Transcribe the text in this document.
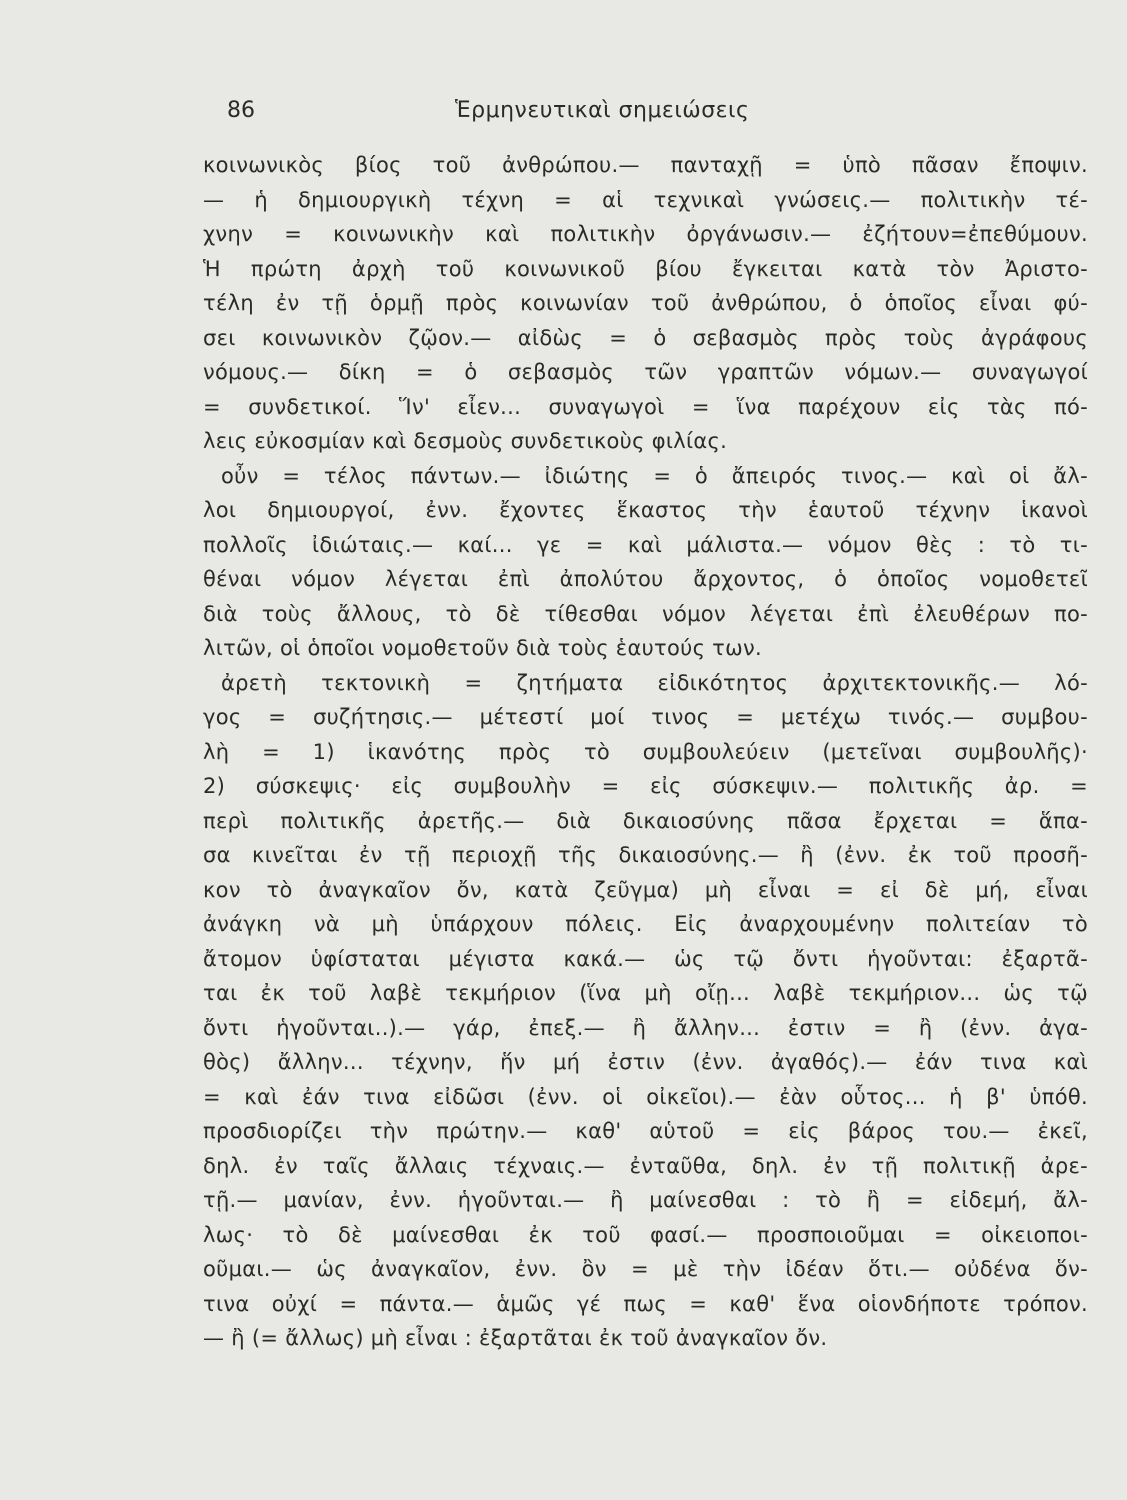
86	Ἑρμηνευτικαὶ σημειώσεις
κοινωνικὸς βίος τοῦ ἀνθρώπου.— πανταχῇ = ὑπὸ πᾶσαν ἔποψιν.
— ἡ δημιουργικὴ τέχνη = αἱ τεχνικαὶ γνώσεις.— πολιτικὴν τέ-
χνην = κοινωνικὴν καὶ πολιτικὴν ὀργάνωσιν.— ἐζήτουν=ἐπεθύμουν.
Ἡ πρώτη ἀρχὴ τοῦ κοινωνικοῦ βίου ἔγκειται κατὰ τὸν Ἀριστο-
τέλη ἐν τῇ ὁρμῇ πρὸς κοινωνίαν τοῦ ἀνθρώπου, ὁ ὁποῖος εἶναι φύ-
σει κοινωνικὸν ζῷον.— αἰδὼς = ὁ σεβασμὸς πρὸς τοὺς ἀγράφους
νόμους.— δίκη = ὁ σεβασμὸς τῶν γραπτῶν νόμων.— συναγωγοί
= συνδετικοί. Ἵν' εἶεν... συναγωγοὶ = ἵνα παρέχουν εἰς τὰς πό-
λεις εὐκοσμίαν καὶ δεσμοὺς συνδετικοὺς φιλίας.
οὖν = τέλος πάντων.— ἰδιώτης = ὁ ἄπειρός τινος.— καὶ οἱ ἄλ-
λοι δημιουργοί, ἐνν. ἔχοντες ἕκαστος τὴν ἑαυτοῦ τέχνην ἱκανοὶ
πολλοῖς ἰδιώταις.— καί... γε = καὶ μάλιστα.— νόμον θὲς : τὸ τι-
θέναι νόμον λέγεται ἐπὶ ἀπολύτου ἄρχοντος, ὁ ὁποῖος νομοθετεῖ
διὰ τοὺς ἄλλους, τὸ δὲ τίθεσθαι νόμον λέγεται ἐπὶ ἐλευθέρων πο-
λιτῶν, οἱ ὁποῖοι νομοθετοῦν διὰ τοὺς ἑαυτούς των.
ἀρετὴ τεκτονικὴ = ζητήματα εἰδικότητος ἀρχιτεκτονικῆς.— λό-
γος = συζήτησις.— μέτεστί μοί τινος = μετέχω τινός.— συμβου-
λὴ = 1) ἱκανότης πρὸς τὸ συμβουλεύειν (μετεῖναι συμβουλῆς)·
2) σύσκεψις· εἰς συμβουλὴν = εἰς σύσκεψιν.— πολιτικῆς ἀρ. =
περὶ πολιτικῆς ἀρετῆς.— διὰ δικαιοσύνης πᾶσα ἔρχεται = ἅπα-
σα κινεῖται ἐν τῇ περιοχῇ τῆς δικαιοσύνης.— ἢ (ἐνν. ἐκ τοῦ προσῆ-
κον τὸ ἀναγκαῖον ὄν, κατὰ ζεῦγμα) μὴ εἶναι = εἰ δὲ μή, εἶναι
ἀνάγκη νὰ μὴ ὑπάρχουν πόλεις. Εἰς ἀναρχουμένην πολιτείαν τὸ
ἄτομον ὑφίσταται μέγιστα κακά.— ὡς τῷ ὄντι ἡγοῦνται: ἐξαρτᾶ-
ται ἐκ τοῦ λαβὲ τεκμήριον (ἵνα μὴ οἴῃ... λαβὲ τεκμήριον... ὡς τῷ
ὄντι ἡγοῦνται..).— γάρ, ἐπεξ.— ἢ ἄλλην... ἐστιν = ἢ (ἐνν. ἀγα-
θὸς) ἄλλην... τέχνην, ἥν μή ἐστιν (ἐνν. ἀγαθός).— ἐάν τινα καὶ
= καὶ ἐάν τινα εἰδῶσι (ἐνν. οἱ οἰκεῖοι).— ἐὰν οὗτος... ἡ β' ὑπόθ.
προσδιορίζει τὴν πρώτην.— καθ' αὑτοῦ = εἰς βάρος του.— ἐκεῖ,
δηλ. ἐν ταῖς ἄλλαις τέχναις.— ἐνταῦθα, δηλ. ἐν τῇ πολιτικῇ ἀρε-
τῇ.— μανίαν, ἐνν. ἡγοῦνται.— ἢ μαίνεσθαι : τὸ ἢ = εἰδεμή, ἄλ-
λως· τὸ δὲ μαίνεσθαι ἐκ τοῦ φασί.— προσποιοῦμαι = οἰκειοποι-
οῦμαι.— ὡς ἀναγκαῖον, ἐνν. ὂν = μὲ τὴν ἰδέαν ὅτι.— οὐδένα ὅν-
τινα οὐχί = πάντα.— ἁμῶς γέ πως = καθ' ἕνα οἱονδήποτε τρόπον.
— ἢ (= ἄλλως) μὴ εἶναι : ἐξαρτᾶται ἐκ τοῦ ἀναγκαῖον ὄν.
